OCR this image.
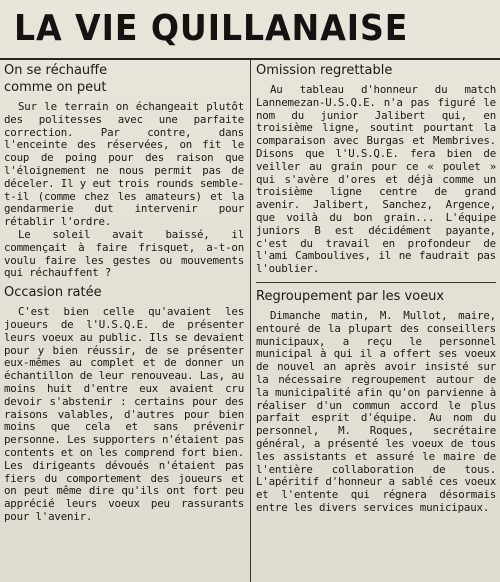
LA VIE QUILLANAISE

On se réchauffe

comme on peut

Sur le terrain on échangeait plutôt des politesses avec une parfaite correction. Par contre, dans l'enceinte des réservées, on fit le coup de poing pour des raison que l'éloignement ne nous permit pas de déceler. Il y eut trois rounds semble-t-il (comme chez les amateurs) et la gendarmerie dut intervenir pour rétablir l'ordre.

Le soleil avait baissé, il commençait à faire frisquet, a-t-on voulu faire les gestes ou mouvements qui réchauffent ?

Occasion ratée

C'est bien celle qu'avaient les joueurs de l'U.S.Q.E. de présenter leurs voeux au public. Ils se devaient pour y bien réussir, de se présenter eux-mêmes au complet et de donner un échantillon de leur renouveau. Las, au moins huit d'entre eux avaient cru devoir s'abstenir : certains pour des raisons valables, d'autres pour bien moins que cela et sans prévenir personne. Les supporters n'étaient pas contents et on les comprend fort bien. Les dirigeants dévoués n'étaient pas fiers du comportement des joueurs et on peut même dire qu'ils ont fort peu apprécié leurs voeux peu rassurants pour l'avenir.

Omission regrettable

Au tableau d'honneur du match Lannemezan-U.S.Q.E. n'a pas figuré le nom du junior Jalibert qui, en troisième ligne, soutint pourtant la comparaison avec Burgas et Membrives. Disons que l'U.S.Q.E. fera bien de veiller au grain pour ce « poulet » qui s'avère d'ores et déjà comme un troisième ligne centre de grand avenir. Jalibert, Sanchez, Argence, que voilà du bon grain... L'équipe juniors B est décidément payante, c'est du travail en profondeur de l'ami Camboulives, il ne faudrait pas l'oublier.

Regroupement par les voeux

Dimanche matin, M. Mullot, maire, entouré de la plupart des conseillers municipaux, a reçu le personnel municipal à qui il a offert ses voeux de nouvel an après avoir insisté sur la nécessaire regroupement autour de la municipalité afin qu'on parvienne à réaliser d'un commun accord le plus parfait esprit d'équipe. Au nom du personnel, M. Roques, secrétaire général, a présenté les voeux de tous les assistants et assuré le maire de l'entière collaboration de tous. L'apéritif d'honneur a sablé ces voeux et l'entente qui régnera désormais entre les divers services municipaux.
